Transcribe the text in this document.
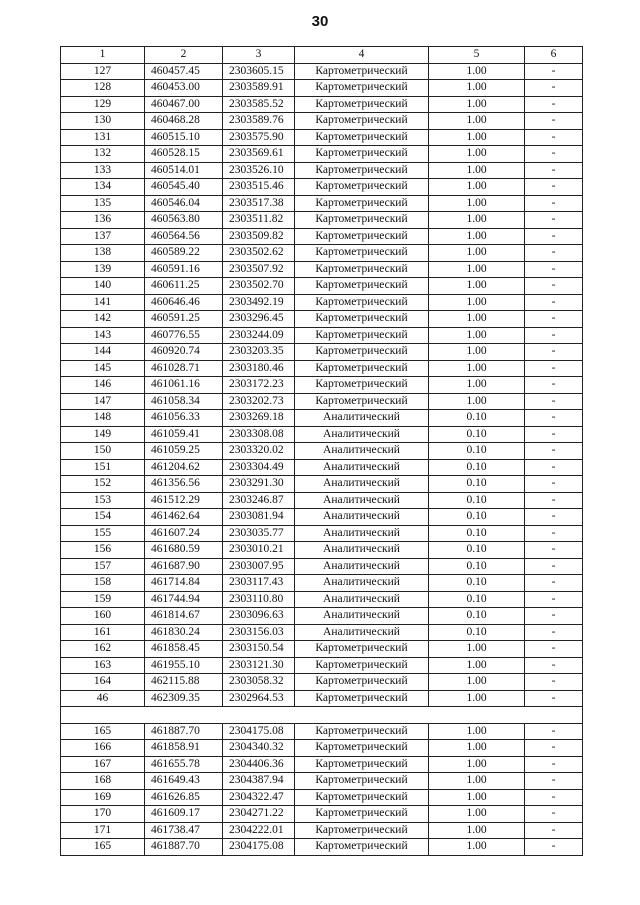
30
1	2	3	4	5	6
127	460457.45	2303605.15	Картометрический	1.00	-
128	460453.00	2303589.91	Картометрический	1.00	-
129	460467.00	2303585.52	Картометрический	1.00	-
130	460468.28	2303589.76	Картометрический	1.00	-
131	460515.10	2303575.90	Картометрический	1.00	-
132	460528.15	2303569.61	Картометрический	1.00	-
133	460514.01	2303526.10	Картометрический	1.00	-
134	460545.40	2303515.46	Картометрический	1.00	-
135	460546.04	2303517.38	Картометрический	1.00	-
136	460563.80	2303511.82	Картометрический	1.00	-
137	460564.56	2303509.82	Картометрический	1.00	-
138	460589.22	2303502.62	Картометрический	1.00	-
139	460591.16	2303507.92	Картометрический	1.00	-
140	460611.25	2303502.70	Картометрический	1.00	-
141	460646.46	2303492.19	Картометрический	1.00	-
142	460591.25	2303296.45	Картометрический	1.00	-
143	460776.55	2303244.09	Картометрический	1.00	-
144	460920.74	2303203.35	Картометрический	1.00	-
145	461028.71	2303180.46	Картометрический	1.00	-
146	461061.16	2303172.23	Картометрический	1.00	-
147	461058.34	2303202.73	Картометрический	1.00	-
148	461056.33	2303269.18	Аналитический	0.10	-
149	461059.41	2303308.08	Аналитический	0.10	-
150	461059.25	2303320.02	Аналитический	0.10	-
151	461204.62	2303304.49	Аналитический	0.10	-
152	461356.56	2303291.30	Аналитический	0.10	-
153	461512.29	2303246.87	Аналитический	0.10	-
154	461462.64	2303081.94	Аналитический	0.10	-
155	461607.24	2303035.77	Аналитический	0.10	-
156	461680.59	2303010.21	Аналитический	0.10	-
157	461687.90	2303007.95	Аналитический	0.10	-
158	461714.84	2303117.43	Аналитический	0.10	-
159	461744.94	2303110.80	Аналитический	0.10	-
160	461814.67	2303096.63	Аналитический	0.10	-
161	461830.24	2303156.03	Аналитический	0.10	-
162	461858.45	2303150.54	Картометрический	1.00	-
163	461955.10	2303121.30	Картометрический	1.00	-
164	462115.88	2303058.32	Картометрический	1.00	-
46	462309.35	2302964.53	Картометрический	1.00	-

165	461887.70	2304175.08	Картометрический	1.00	-
166	461858.91	2304340.32	Картометрический	1.00	-
167	461655.78	2304406.36	Картометрический	1.00	-
168	461649.43	2304387.94	Картометрический	1.00	-
169	461626.85	2304322.47	Картометрический	1.00	-
170	461609.17	2304271.22	Картометрический	1.00	-
171	461738.47	2304222.01	Картометрический	1.00	-
165	461887.70	2304175.08	Картометрический	1.00	-
